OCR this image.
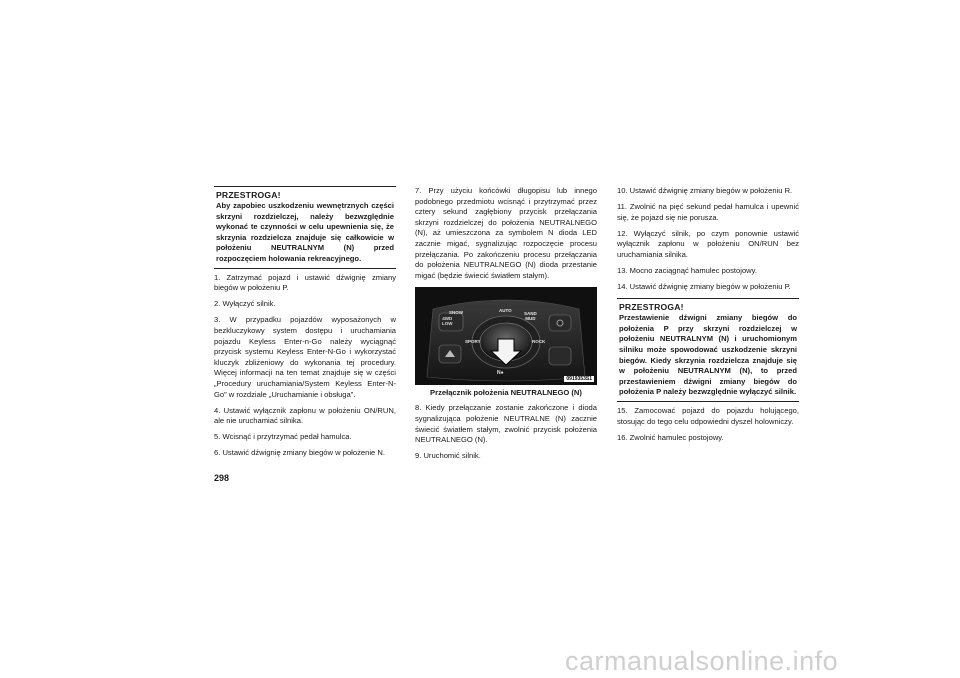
PRZESTROGA!
Aby zapobiec uszkodzeniu wewnętrznych części skrzyni rozdzielczej, należy bezwzględnie wykonać te czynności w celu upewnienia się, że skrzynia rozdzielcza znajduje się całkowicie w położeniu NEUTRALNYM (N) przed rozpoczęciem holowania rekreacyjnego.

1. Zatrzymać pojazd i ustawić dźwignię zmiany biegów w położeniu P.

2. Wyłączyć silnik.

3. W przypadku pojazdów wyposażonych w bezkluczykowy system dostępu i uruchamiania pojazdu Keyless Enter-n-Go należy wyciągnąć przycisk systemu Keyless Enter-N-Go i wykorzystać kluczyk zbliżeniowy do wykonania tej procedury. Więcej informacji na ten temat znajduje się w części „Procedury uruchamiania/System Keyless Enter-N-Go” w rozdziale „Uruchamianie i obsługa”.

4. Ustawić wyłącznik zapłonu w położeniu ON/RUN, ale nie uruchamiać silnika.

5. Wcisnąć i przytrzymać pedał hamulca.

6. Ustawić dźwignię zmiany biegów w położenie N.

7. Przy użyciu końcówki długopisu lub innego podobnego przedmiotu wcisnąć i przytrzymać przez cztery sekund zagłębiony przycisk przełączania skrzyni rozdzielczej do położenia NEUTRALNEGO (N), aż umieszczona za symbolem N dioda LED zacznie migać, sygnalizując rozpoczęcie procesu przełączania. Po zakończeniu procesu przełączania do położenia NEUTRALNEGO (N) dioda przestanie migać (będzie świecić światłem stałym).

SNOW	AUTO
SAND
MUD
4WD
LOW
SPORT	ROCK
N●
0919353S1
Przełącznik położenia NEUTRALNEGO (N)

8. Kiedy przełączanie zostanie zakończone i dioda sygnalizująca położenie NEUTRALNE (N) zacznie świecić światłem stałym, zwolnić przycisk położenia NEUTRALNEGO (N).

9. Uruchomić silnik.

10. Ustawić dźwignię zmiany biegów w położeniu R.

11. Zwolnić na pięć sekund pedał hamulca i upewnić się, że pojazd się nie porusza.

12. Wyłączyć silnik, po czym ponownie ustawić wyłącznik zapłonu w położeniu ON/RUN bez uruchamiania silnika.

13. Mocno zaciągnąć hamulec postojowy.

14. Ustawić dźwignię zmiany biegów w położeniu P.

PRZESTROGA!
Przestawienie dźwigni zmiany biegów do położenia P przy skrzyni rozdzielczej w położeniu NEUTRALNYM (N) i uruchomionym silniku może spowodować uszkodzenie skrzyni biegów. Kiedy skrzynia rozdzielcza znajduje się w położeniu NEUTRALNYM (N), to przed przestawieniem dźwigni zmiany biegów do położenia P należy bezwzględnie wyłączyć silnik.

15. Zamocować pojazd do pojazdu holującego, stosując do tego celu odpowiedni dyszel holowniczy.

16. Zwolnić hamulec postojowy.

298
carmanualsonline.info
